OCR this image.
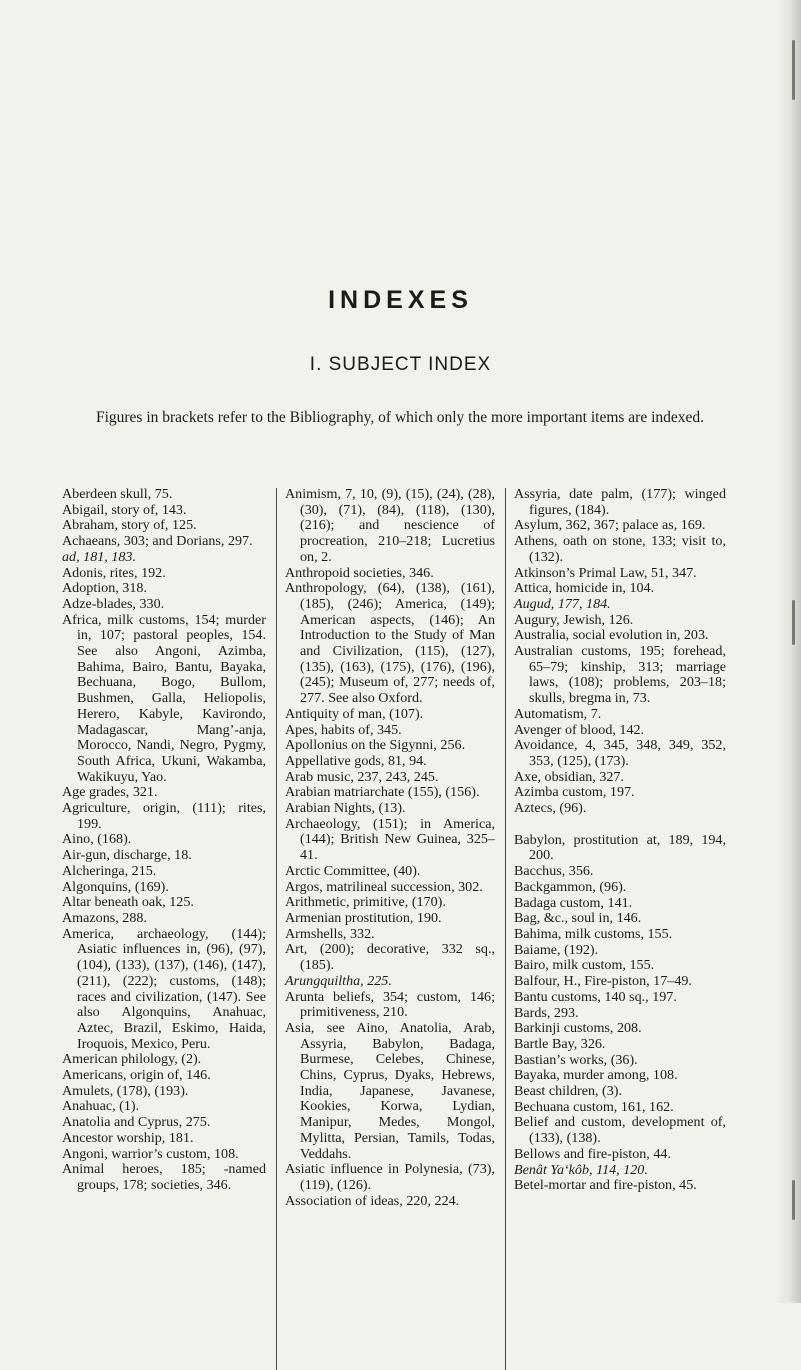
INDEXES
I. SUBJECT INDEX
Figures in brackets refer to the Bibliography, of which only the more important items are indexed.

Aberdeen skull, 75.

Abigail, story of, 143.

Abraham, story of, 125.

Achaeans, 303; and Dorians, 297.

ad, 181, 183.

Adonis, rites, 192.

Adoption, 318.

Adze-blades, 330.

Africa, milk customs, 154; murder in, 107; pastoral peoples, 154. See also Angoni, Azimba, Bahima, Bairo, Bantu, Bayaka, Bechuana, Bogo, Bullom, Bushmen, Galla, Heliopolis, Herero, Kabyle, Kavirondo, Madagascar, Mang’-anja, Morocco, Nandi, Negro, Pygmy, South Africa, Ukuni, Wakamba, Wakikuyu, Yao.

Age grades, 321.

Agriculture, origin, (111); rites, 199.

Aino, (168).

Air-gun, discharge, 18.

Alcheringa, 215.

Algonquins, (169).

Altar beneath oak, 125.

Amazons, 288.

America, archaeology, (144); Asiatic influences in, (96), (97), (104), (133), (137), (146), (147), (211), (222); customs, (148); races and civilization, (147). See also Algonquins, Anahuac, Aztec, Brazil, Eskimo, Haida, Iroquois, Mexico, Peru.

American philology, (2).

Americans, origin of, 146.

Amulets, (178), (193).

Anahuac, (1).

Anatolia and Cyprus, 275.

Ancestor worship, 181.

Angoni, warrior’s custom, 108.

Animal heroes, 185; -named groups, 178; societies, 346.

Animism, 7, 10, (9), (15), (24), (28), (30), (71), (84), (118), (130), (216); and nescience of procreation, 210–218; Lucretius on, 2.

Anthropoid societies, 346.

Anthropology, (64), (138), (161), (185), (246); America, (149); American aspects, (146); An Introduction to the Study of Man and Civilization, (115), (127), (135), (163), (175), (176), (196), (245); Museum of, 277; needs of, 277. See also Oxford.

Antiquity of man, (107).

Apes, habits of, 345.

Apollonius on the Sigynni, 256.

Appellative gods, 81, 94.

Arab music, 237, 243, 245.

Arabian matriarchate (155), (156).

Arabian Nights, (13).

Archaeology, (151); in America, (144); British New Guinea, 325–41.

Arctic Committee, (40).

Argos, matrilineal succession, 302.

Arithmetic, primitive, (170).

Armenian prostitution, 190.

Armshells, 332.

Art, (200); decorative, 332 sq., (185).

Arungquiltha, 225.

Arunta beliefs, 354; custom, 146; primitiveness, 210.

Asia, see Aino, Anatolia, Arab, Assyria, Babylon, Badaga, Burmese, Celebes, Chinese, Chins, Cyprus, Dyaks, Hebrews, India, Japanese, Javanese, Kookies, Korwa, Lydian, Manipur, Medes, Mongol, Mylitta, Persian, Tamils, Todas, Veddahs.

Asiatic influence in Polynesia, (73), (119), (126).

Association of ideas, 220, 224.

Assyria, date palm, (177); winged figures, (184).

Asylum, 362, 367; palace as, 169.

Athens, oath on stone, 133; visit to, (132).

Atkinson’s Primal Law, 51, 347.

Attica, homicide in, 104.

Augud, 177, 184.

Augury, Jewish, 126.

Australia, social evolution in, 203.

Australian customs, 195; forehead, 65–79; kinship, 313; marriage laws, (108); problems, 203–18; skulls, bregma in, 73.

Automatism, 7.

Avenger of blood, 142.

Avoidance, 4, 345, 348, 349, 352, 353, (125), (173).

Axe, obsidian, 327.

Azimba custom, 197.

Aztecs, (96).

Babylon, prostitution at, 189, 194, 200.

Bacchus, 356.

Backgammon, (96).

Badaga custom, 141.

Bag, &c., soul in, 146.

Bahima, milk customs, 155.

Baiame, (192).

Bairo, milk custom, 155.

Balfour, H., Fire-piston, 17–49.

Bantu customs, 140 sq., 197.

Bards, 293.

Barkinji customs, 208.

Bartle Bay, 326.

Bastian’s works, (36).

Bayaka, murder among, 108.

Beast children, (3).

Bechuana custom, 161, 162.

Belief and custom, development of, (133), (138).

Bellows and fire-piston, 44.

Benât Ya‘kôb, 114, 120.

Betel-mortar and fire-piston, 45.
